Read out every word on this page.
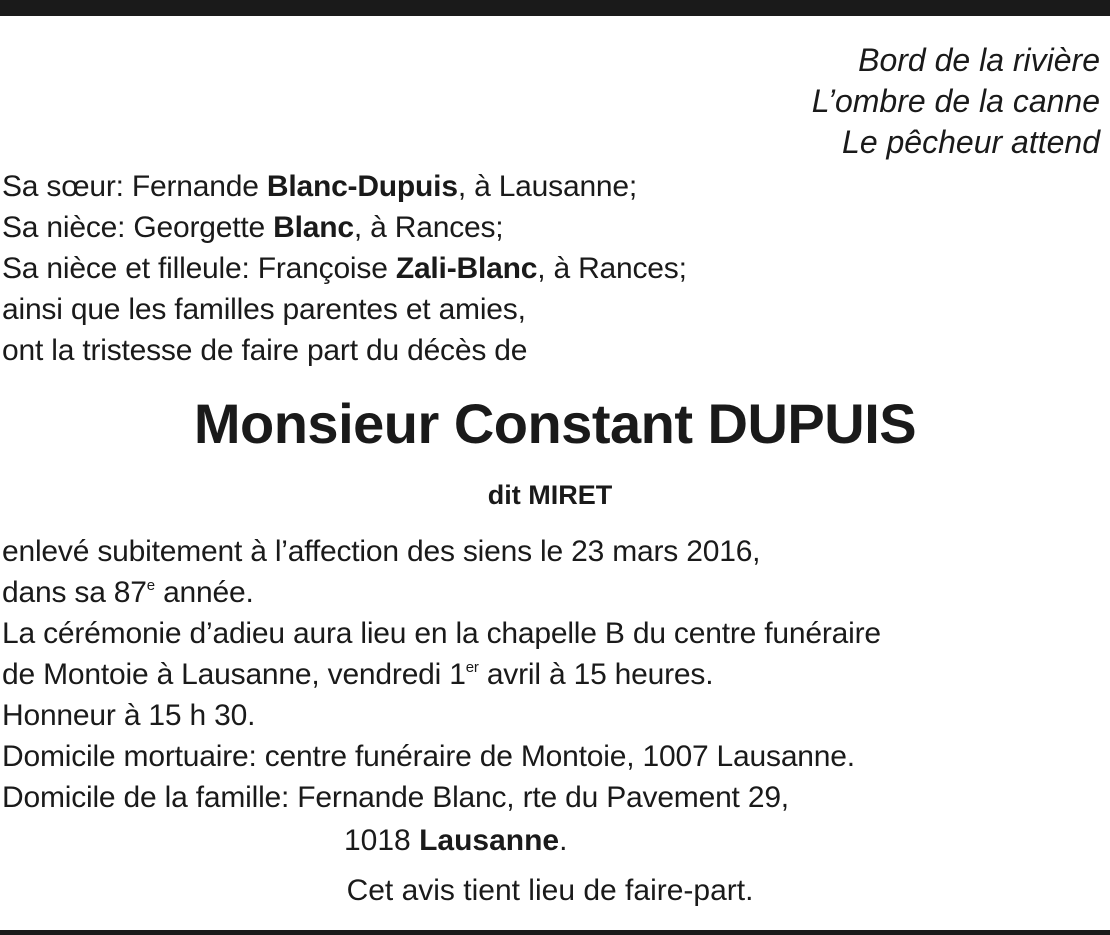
Bord de la rivière
L’ombre de la canne
Le pêcheur attend
Sa sœur: Fernande Blanc-Dupuis, à Lausanne;
Sa nièce: Georgette Blanc, à Rances;
Sa nièce et filleule: Françoise Zali-Blanc, à Rances;
ainsi que les familles parentes et amies,
ont la tristesse de faire part du décès de
Monsieur Constant DUPUIS
dit MIRET
enlevé subitement à l’affection des siens le 23 mars 2016,
dans sa 87e année.
La cérémonie d’adieu aura lieu en la chapelle B du centre funéraire
de Montoie à Lausanne, vendredi 1er avril à 15 heures.
Honneur à 15 h 30.
Domicile mortuaire: centre funéraire de Montoie, 1007 Lausanne.
Domicile de la famille: Fernande Blanc, rte du Pavement 29,
1018 Lausanne.
Cet avis tient lieu de faire-part.
